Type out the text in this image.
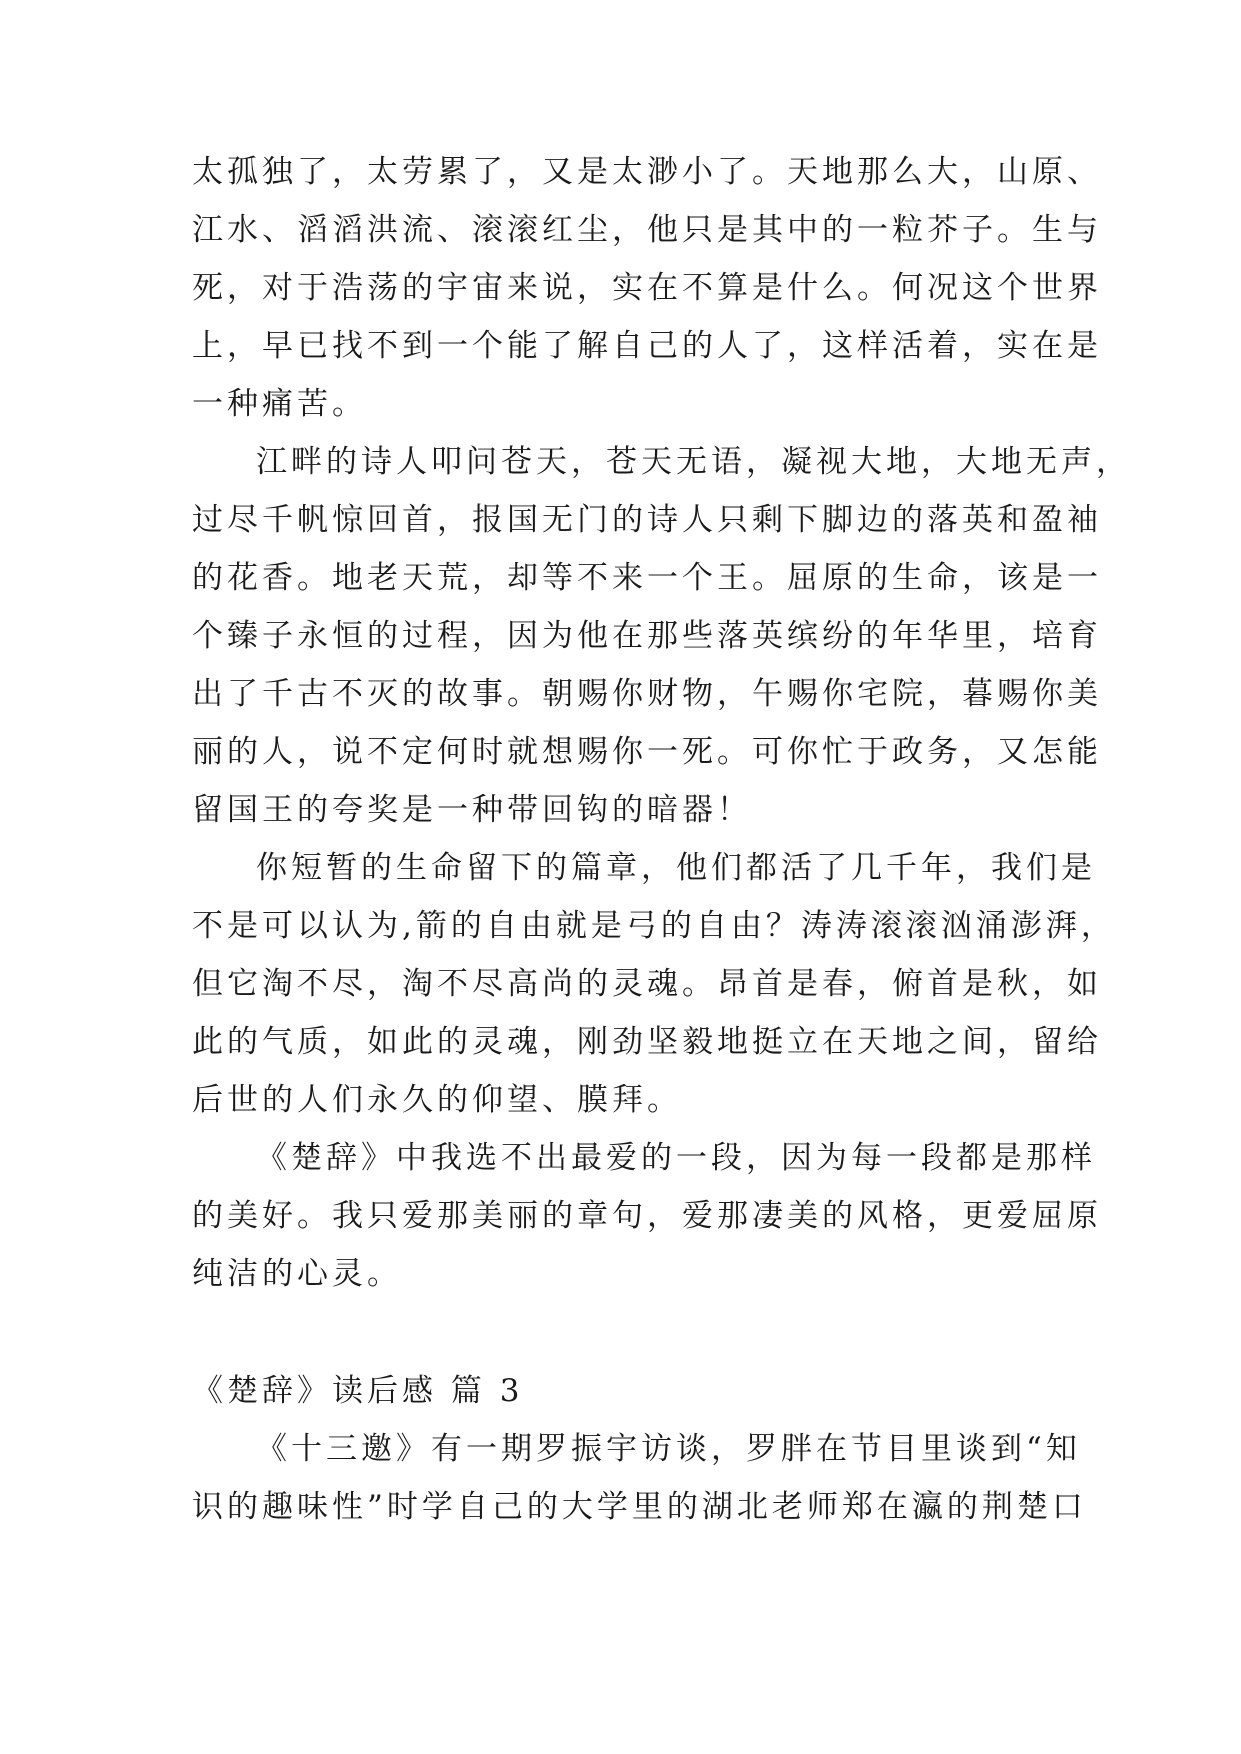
太孤独了，太劳累了，又是太渺小了。天地那么大，山原、

江水、滔滔洪流、滚滚红尘，他只是其中的一粒芥子。生与

死，对于浩荡的宇宙来说，实在不算是什么。何况这个世界

上，早已找不到一个能了解自己的人了，这样活着，实在是

一种痛苦。

江畔的诗人叩问苍天，苍天无语，凝视大地，大地无声，

过尽千帆惊回首，报国无门的诗人只剩下脚边的落英和盈袖

的花香。地老天荒，却等不来一个王。屈原的生命，该是一

个臻子永恒的过程，因为他在那些落英缤纷的年华里，培育

出了千古不灭的故事。朝赐你财物，午赐你宅院，暮赐你美

丽的人，说不定何时就想赐你一死。可你忙于政务，又怎能

留国王的夸奖是一种带回钩的暗器！

你短暂的生命留下的篇章，他们都活了几千年，我们是

不是可以认为,箭的自由就是弓的自由？涛涛滚滚汹涌澎湃，

但它淘不尽，淘不尽高尚的灵魂。昂首是春，俯首是秋，如

此的气质，如此的灵魂，刚劲坚毅地挺立在天地之间，留给

后世的人们永久的仰望、膜拜。

《楚辞》中我选不出最爱的一段，因为每一段都是那样

的美好。我只爱那美丽的章句，爱那凄美的风格，更爱屈原

纯洁的心灵。

《楚辞》读后感 篇 3

《十三邀》有一期罗振宇访谈，罗胖在节目里谈到“知

识的趣味性”时学自己的大学里的湖北老师郑在瀛的荆楚口
